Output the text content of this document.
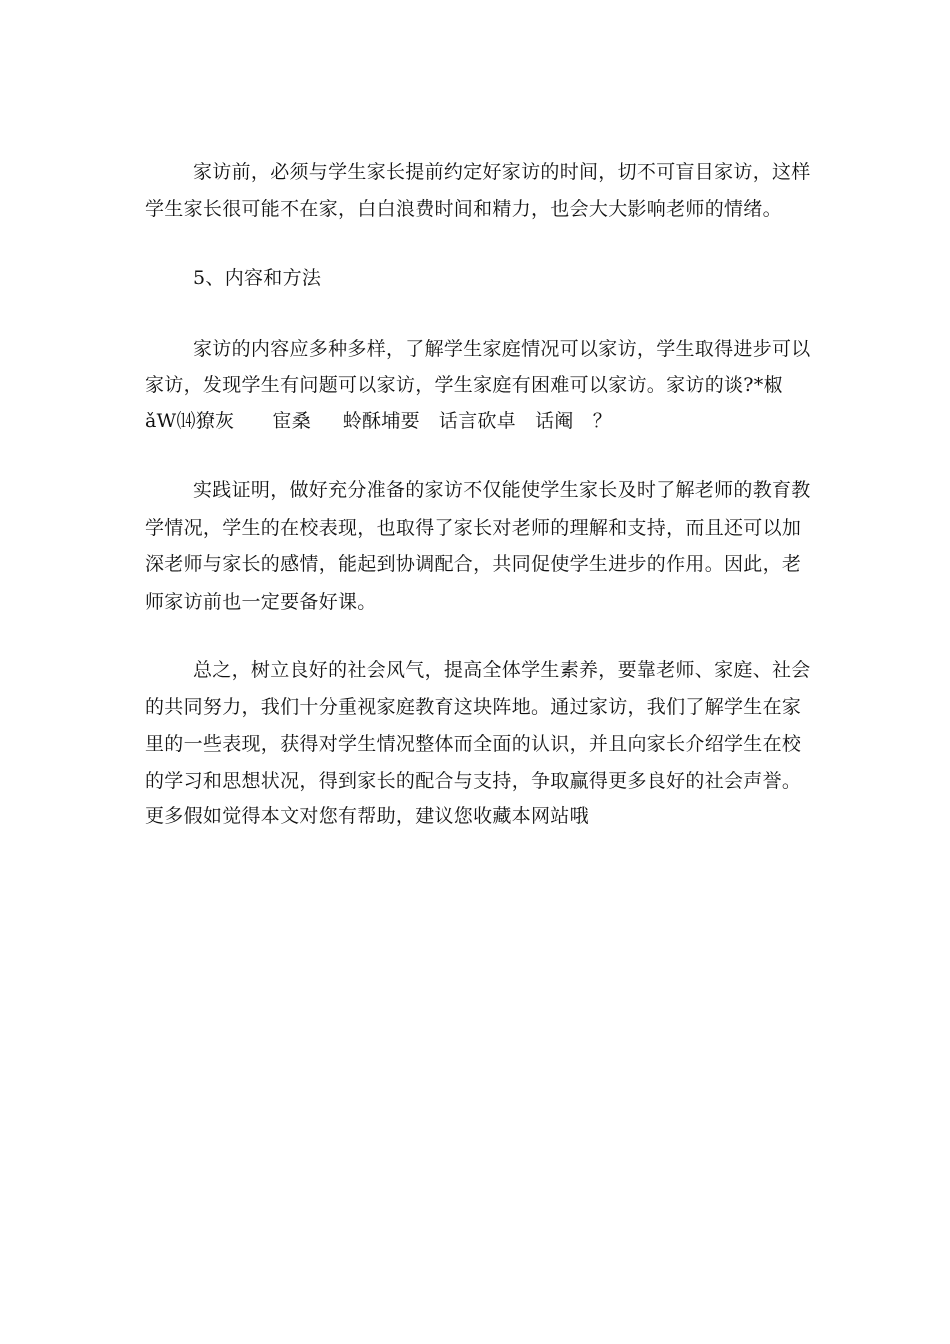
家访前，必须与学生家长提前约定好家访的时间，切不可盲目家访，这样
学生家长很可能不在家，白白浪费时间和精力，也会大大影响老师的情绪。
5、内容和方法
家访的内容应多种多样，了解学生家庭情况可以家访，学生取得进步可以
家访，发现学生有问题可以家访，学生家庭有困难可以家访。家访的谈?*椒
ǎW⒁獠灰      宦桑     蛉酥埔要   话言砍卓   话阉   ？
实践证明，做好充分准备的家访不仅能使学生家长及时了解老师的教育教
学情况，学生的在校表现，也取得了家长对老师的理解和支持，而且还可以加
深老师与家长的感情，能起到协调配合，共同促使学生进步的作用。因此，老
师家访前也一定要备好课。
总之，树立良好的社会风气，提高全体学生素养，要靠老师、家庭、社会
的共同努力，我们十分重视家庭教育这块阵地。通过家访，我们了解学生在家
里的一些表现，获得对学生情况整体而全面的认识，并且向家长介绍学生在校
的学习和思想状况，得到家长的配合与支持，争取赢得更多良好的社会声誉。
更多假如觉得本文对您有帮助，建议您收藏本网站哦
